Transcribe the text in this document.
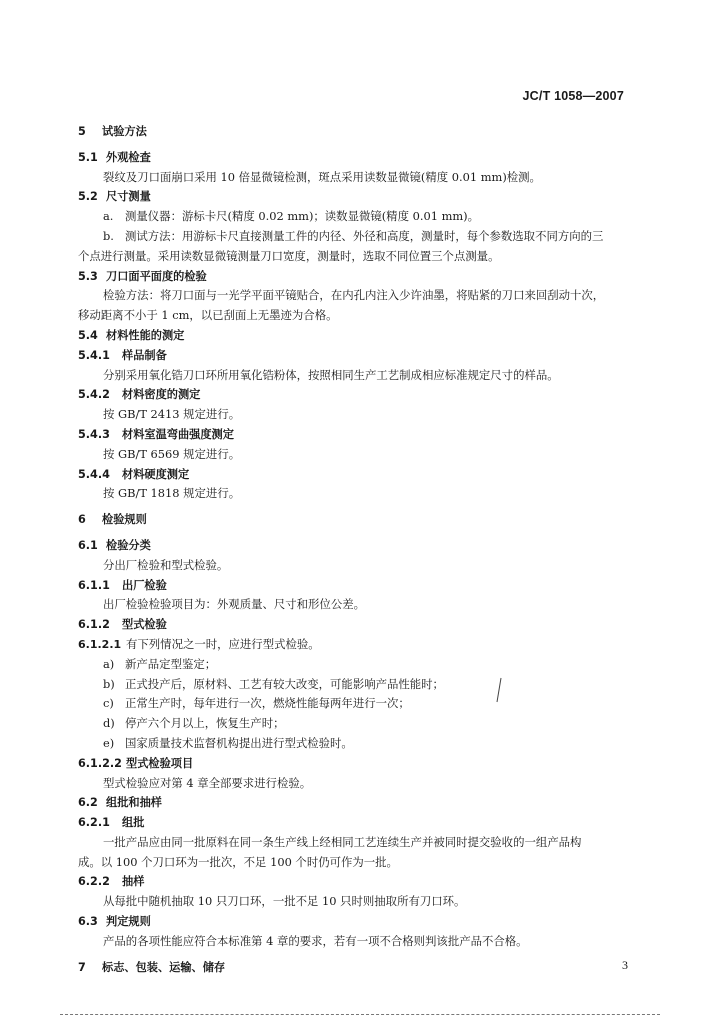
JC/T 1058—2007
5 试验方法
5.1 外观检查
裂纹及刀口面崩口采用 10 倍显微镜检测，斑点采用读数显微镜(精度 0.01 mm)检测。
5.2 尺寸测量
a. 测量仪器：游标卡尺(精度 0.02 mm)；读数显微镜(精度 0.01 mm)。
b. 测试方法：用游标卡尺直接测量工件的内径、外径和高度，测量时，每个参数选取不同方向的三
个点进行测量。采用读数显微镜测量刀口宽度，测量时，选取不同位置三个点测量。
5.3 刀口面平面度的检验
检验方法：将刀口面与一光学平面平镜贴合，在内孔内注入少许油墨，将贴紧的刀口来回刮动十次，
移动距离不小于 1 cm，以已刮面上无墨迹为合格。
5.4 材料性能的测定
5.4.1 样品制备
分别采用氧化锆刀口环所用氧化锆粉体，按照相同生产工艺制成相应标准规定尺寸的样品。
5.4.2 材料密度的测定
按 GB/T 2413 规定进行。
5.4.3 材料室温弯曲强度测定
按 GB/T 6569 规定进行。
5.4.4 材料硬度测定
按 GB/T 1818 规定进行。
6 检验规则
6.1 检验分类
分出厂检验和型式检验。
6.1.1 出厂检验
出厂检验检验项目为：外观质量、尺寸和形位公差。
6.1.2 型式检验
6.1.2.1 有下列情况之一时，应进行型式检验。
a) 新产品定型鉴定；
b) 正式投产后，原材料、工艺有较大改变，可能影响产品性能时；
c) 正常生产时，每年进行一次，燃烧性能每两年进行一次；
d) 停产六个月以上，恢复生产时；
e) 国家质量技术监督机构提出进行型式检验时。
6.1.2.2 型式检验项目
型式检验应对第 4 章全部要求进行检验。
6.2 组批和抽样
6.2.1 组批
一批产品应由同一批原料在同一条生产线上经相同工艺连续生产并被同时提交验收的一组产品构
成。以 100 个刀口环为一批次，不足 100 个时仍可作为一批。
6.2.2 抽样
从每批中随机抽取 10 只刀口环，一批不足 10 只时则抽取所有刀口环。
6.3 判定规则
产品的各项性能应符合本标准第 4 章的要求，若有一项不合格则判该批产品不合格。
7 标志、包装、运输、储存	3
